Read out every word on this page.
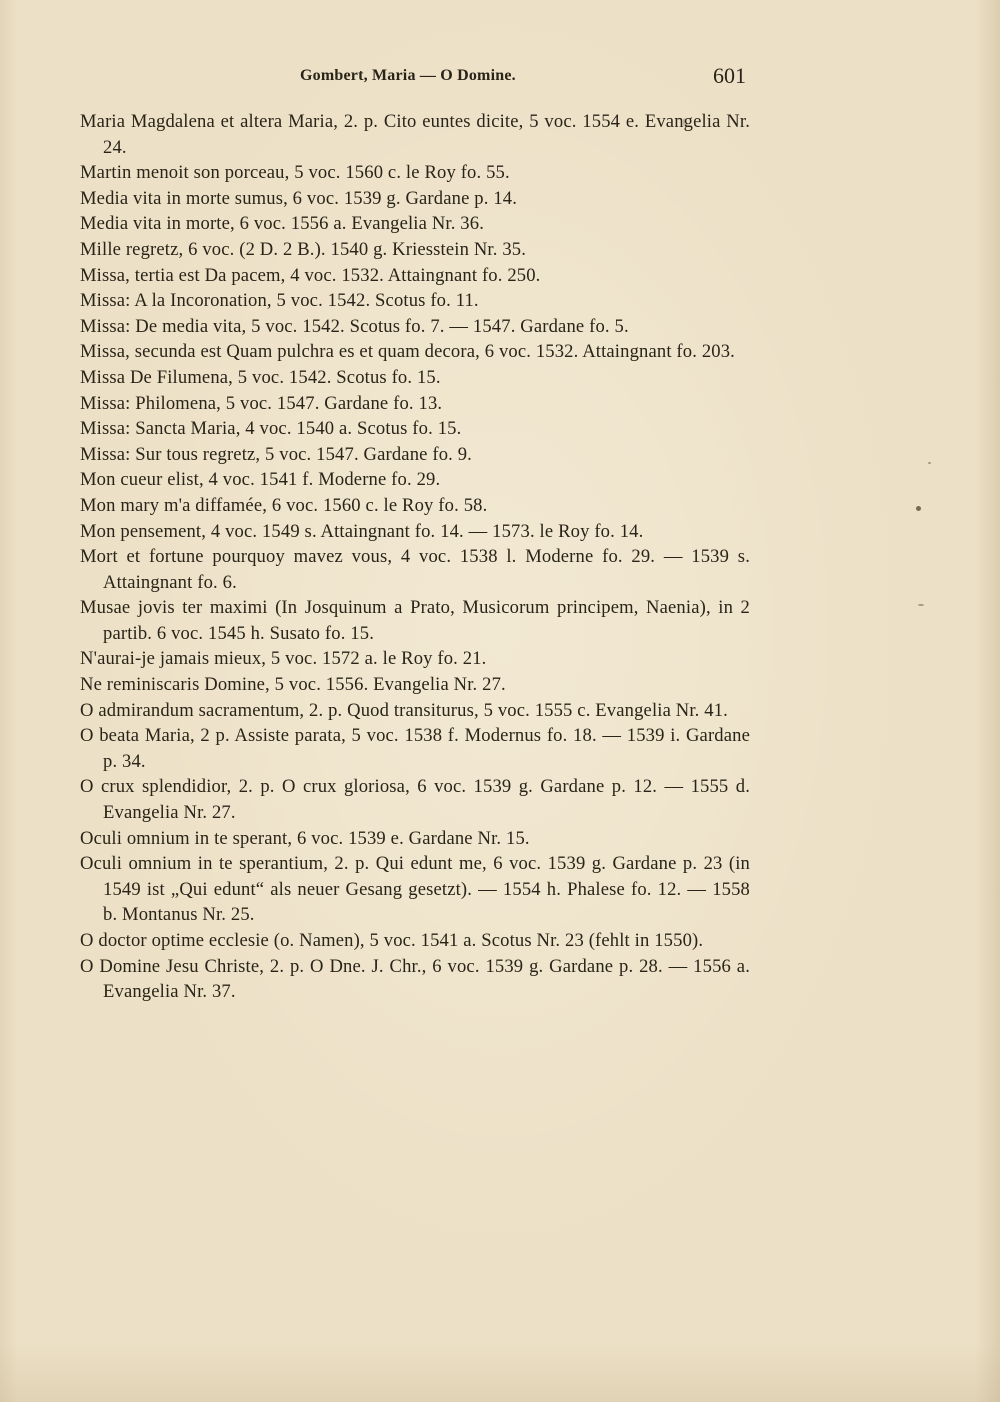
Gombert, Maria — O Domine.	601

Maria Magdalena et altera Maria, 2. p. Cito euntes dicite, 5 voc. 1554 e. Evangelia Nr. 24.

Martin menoit son porceau, 5 voc. 1560 c. le Roy fo. 55.

Media vita in morte sumus, 6 voc. 1539 g. Gardane p. 14.

Media vita in morte, 6 voc. 1556 a. Evangelia Nr. 36.

Mille regretz, 6 voc. (2 D. 2 B.). 1540 g. Kriesstein Nr. 35.

Missa, tertia est Da pacem, 4 voc. 1532. Attaingnant fo. 250.

Missa: A la Incoronation, 5 voc. 1542. Scotus fo. 11.

Missa: De media vita, 5 voc. 1542. Scotus fo. 7. — 1547. Gardane fo. 5.

Missa, secunda est Quam pulchra es et quam decora, 6 voc. 1532. Attaingnant fo. 203.

Missa De Filumena, 5 voc. 1542. Scotus fo. 15.

Missa: Philomena, 5 voc. 1547. Gardane fo. 13.

Missa: Sancta Maria, 4 voc. 1540 a. Scotus fo. 15.

Missa: Sur tous regretz, 5 voc. 1547. Gardane fo. 9.

Mon cueur elist, 4 voc. 1541 f. Moderne fo. 29.

Mon mary m'a diffamée, 6 voc. 1560 c. le Roy fo. 58.

Mon pensement, 4 voc. 1549 s. Attaingnant fo. 14. — 1573. le Roy fo. 14.

Mort et fortune pourquoy mavez vous, 4 voc. 1538 l. Moderne fo. 29. — 1539 s. Attaingnant fo. 6.

Musae jovis ter maximi (In Josquinum a Prato, Musicorum principem, Naenia), in 2 partib. 6 voc. 1545 h. Susato fo. 15.

N'aurai-je jamais mieux, 5 voc. 1572 a. le Roy fo. 21.

Ne reminiscaris Domine, 5 voc. 1556. Evangelia Nr. 27.

O admirandum sacramentum, 2. p. Quod transiturus, 5 voc. 1555 c. Evangelia Nr. 41.

O beata Maria, 2 p. Assiste parata, 5 voc. 1538 f. Modernus fo. 18. — 1539 i. Gardane p. 34.

O crux splendidior, 2. p. O crux gloriosa, 6 voc. 1539 g. Gardane p. 12. — 1555 d. Evangelia Nr. 27.

Oculi omnium in te sperant, 6 voc. 1539 e. Gardane Nr. 15.

Oculi omnium in te sperantium, 2. p. Qui edunt me, 6 voc. 1539 g. Gardane p. 23 (in 1549 ist „Qui edunt“ als neuer Gesang gesetzt). — 1554 h. Phalese fo. 12. — 1558 b. Montanus Nr. 25.

O doctor optime ecclesie (o. Namen), 5 voc. 1541 a. Scotus Nr. 23 (fehlt in 1550).

O Domine Jesu Christe, 2. p. O Dne. J. Chr., 6 voc. 1539 g. Gardane p. 28. — 1556 a. Evangelia Nr. 37.
